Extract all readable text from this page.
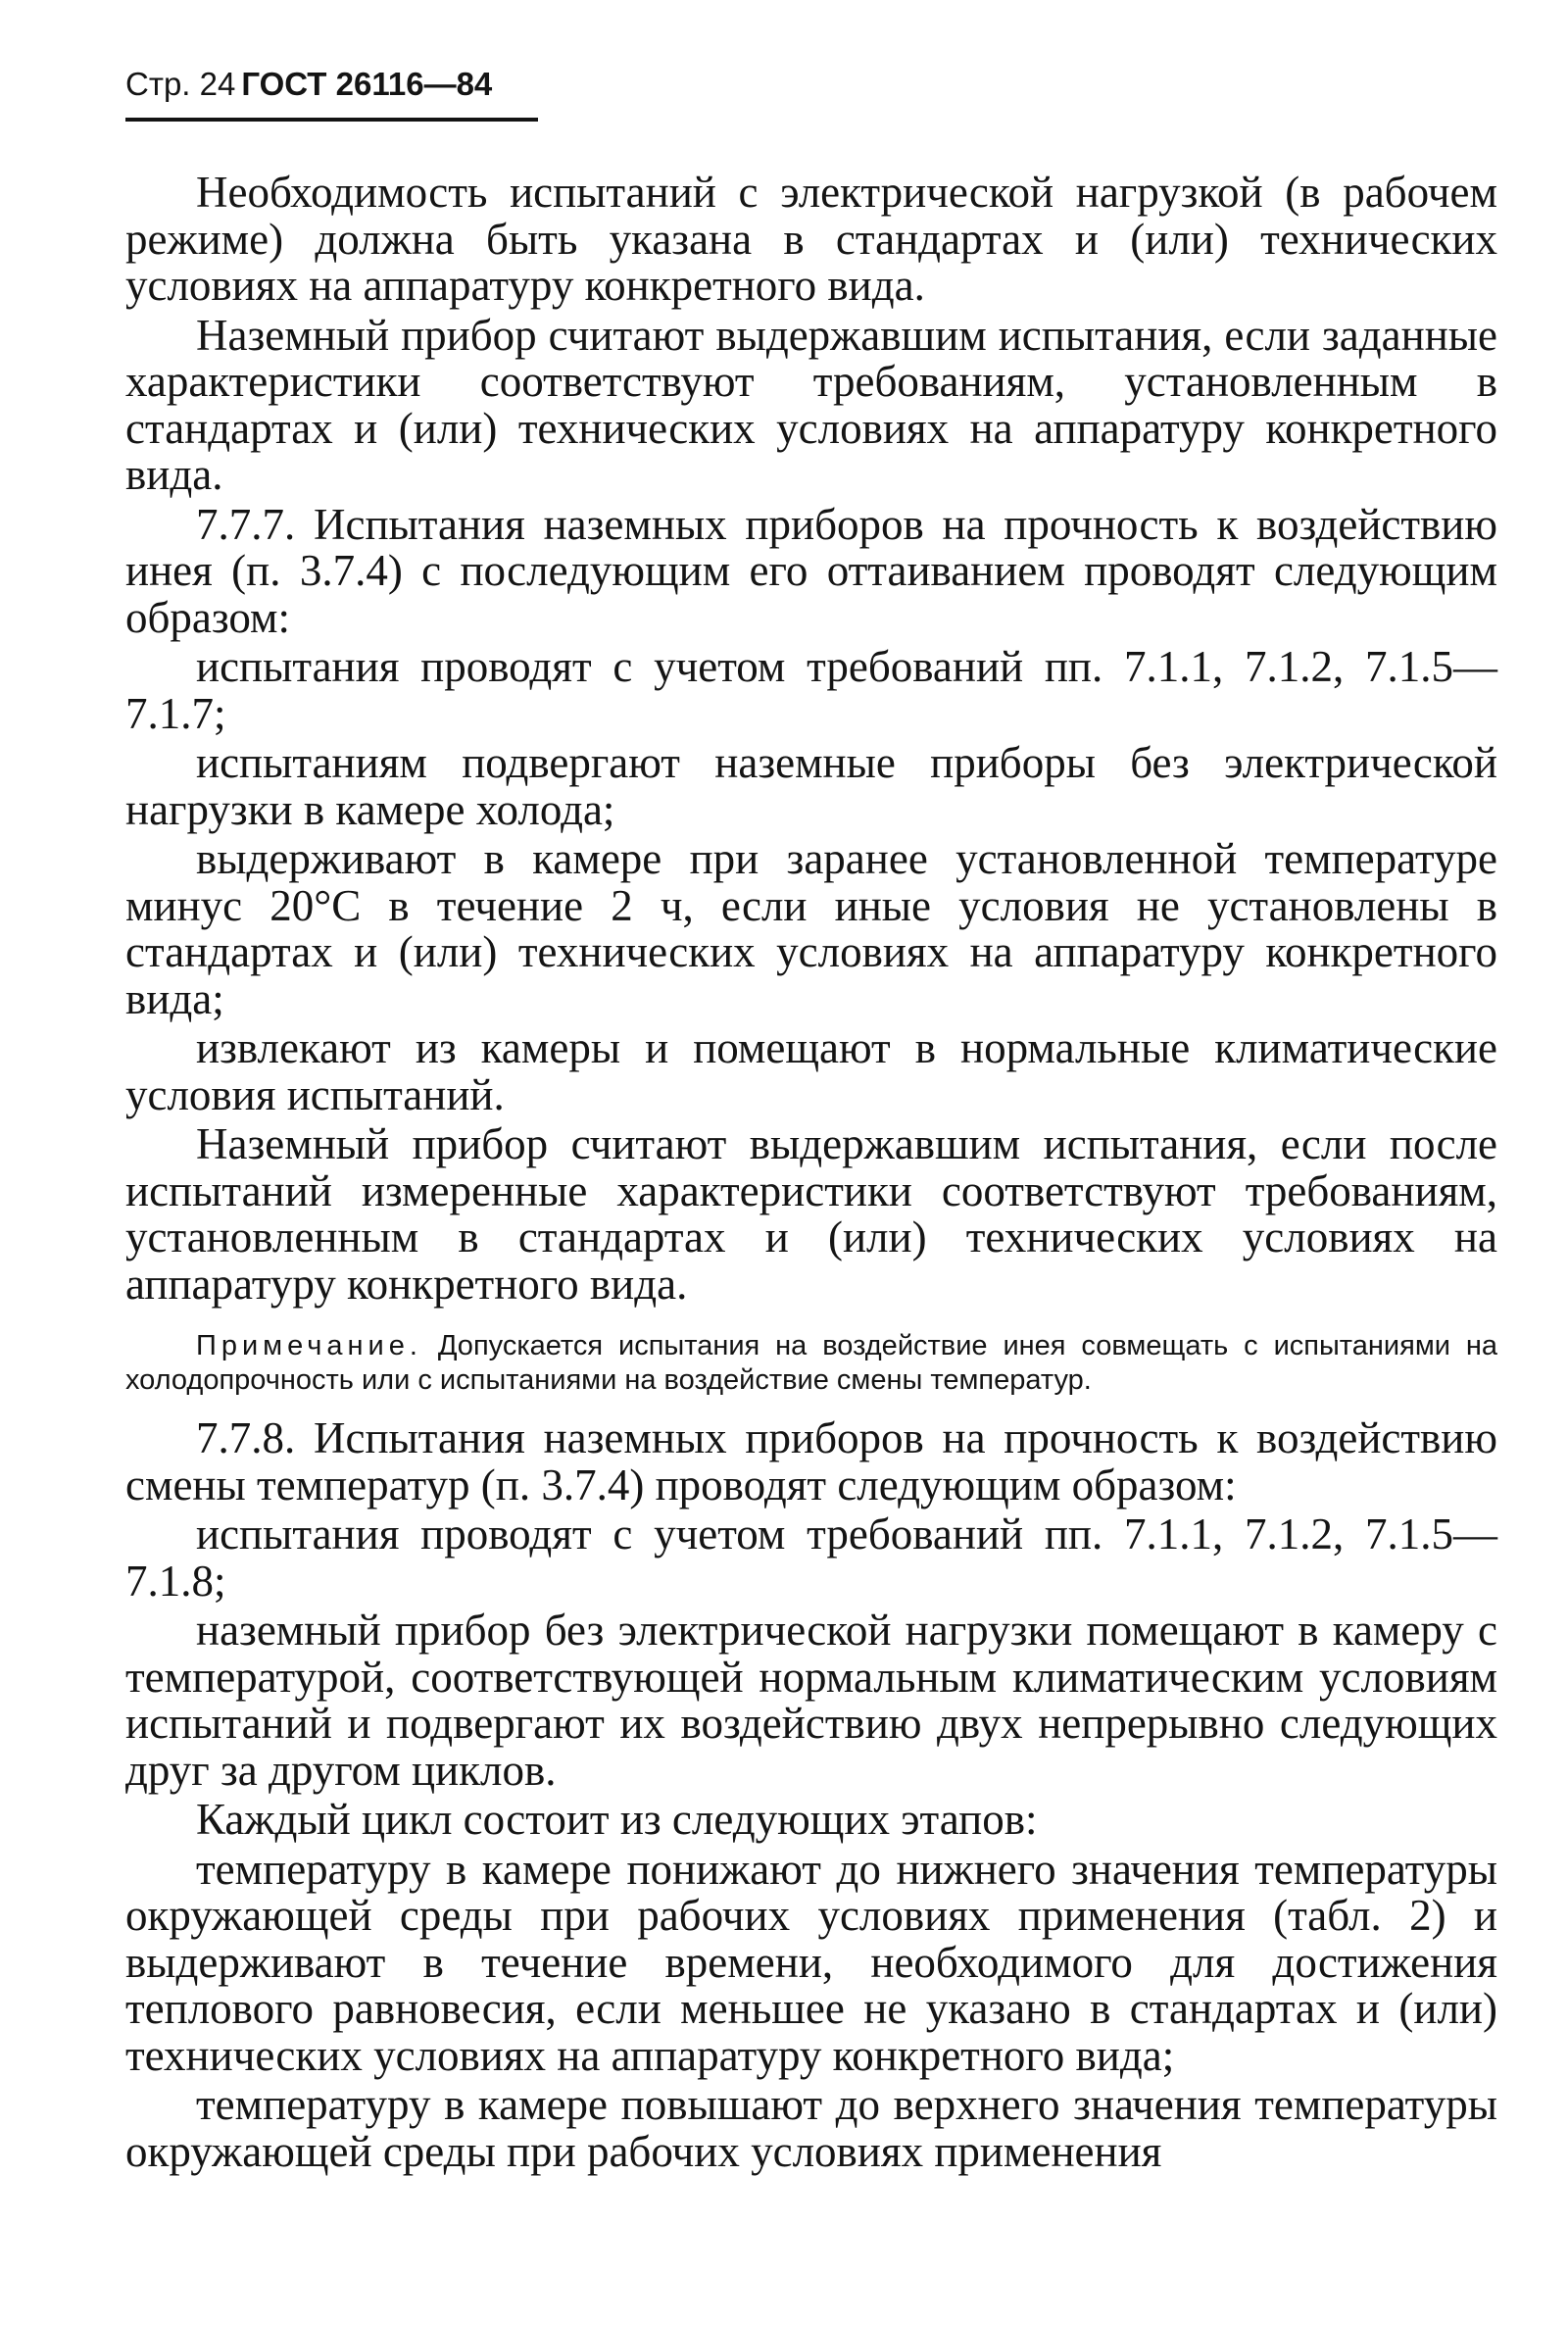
Стр. 24 ГОСТ 26116—84

Необходимость испытаний с электрической нагрузкой (в рабочем режиме) должна быть указана в стандартах и (или) технических условиях на аппаратуру конкретного вида.

Наземный прибор считают выдержавшим испытания, если заданные характеристики соответствуют требованиям, установленным в стандартах и (или) технических условиях на аппаратуру конкретного вида.

7.7.7. Испытания наземных приборов на прочность к воздействию инея (п. 3.7.4) с последующим его оттаиванием проводят следующим образом:

испытания проводят с учетом требований пп. 7.1.1, 7.1.2, 7.1.5—7.1.7;

испытаниям подвергают наземные приборы без электрической нагрузки в камере холода;

выдерживают в камере при заранее установленной температуре минус 20°С в течение 2 ч, если иные условия не установлены в стандартах и (или) технических условиях на аппаратуру конкретного вида;

извлекают из камеры и помещают в нормальные климатические условия испытаний.

Наземный прибор считают выдержавшим испытания, если после испытаний измеренные характеристики соответствуют требованиям, установленным в стандартах и (или) технических условиях на аппаратуру конкретного вида.

Примечание. Допускается испытания на воздействие инея совмещать с испытаниями на холодопрочность или с испытаниями на воздействие смены температур.

7.7.8. Испытания наземных приборов на прочность к воздействию смены температур (п. 3.7.4) проводят следующим образом:

испытания проводят с учетом требований пп. 7.1.1, 7.1.2, 7.1.5—7.1.8;

наземный прибор без электрической нагрузки помещают в камеру с температурой, соответствующей нормальным климатическим условиям испытаний и подвергают их воздействию двух непрерывно следующих друг за другом циклов.

Каждый цикл состоит из следующих этапов:

температуру в камере понижают до нижнего значения температуры окружающей среды при рабочих условиях применения (табл. 2) и выдерживают в течение времени, необходимого для достижения теплового равновесия, если меньшее не указано в стандартах и (или) технических условиях на аппаратуру конкретного вида;

температуру в камере повышают до верхнего значения температуры окружающей среды при рабочих условиях применения
